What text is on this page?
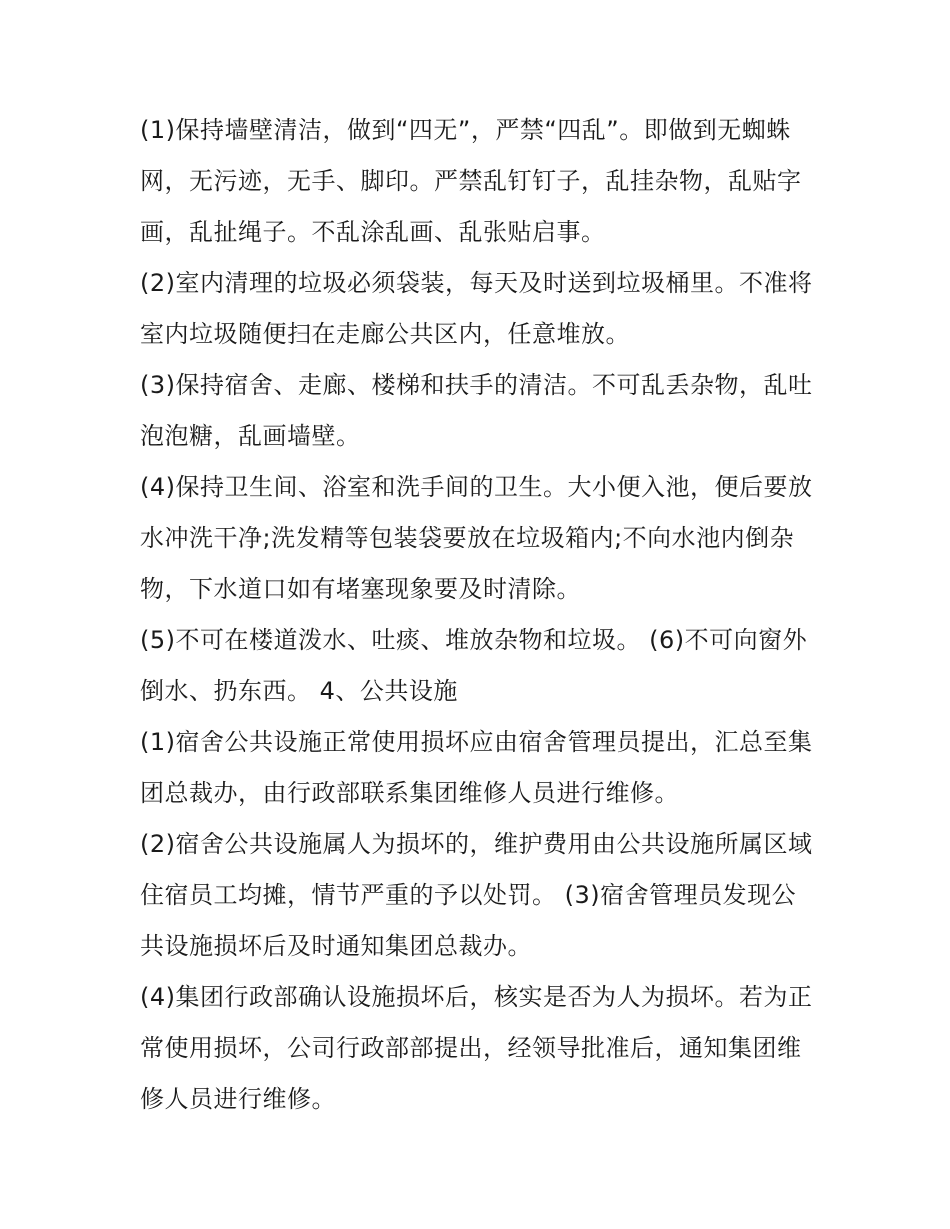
(1)保持墙壁清洁，做到“四无”，严禁“四乱”。即做到无蜘蛛网，无污迹，无手、脚印。严禁乱钉钉子，乱挂杂物，乱贴字画，乱扯绳子。不乱涂乱画、乱张贴启事。

(2)室内清理的垃圾必须袋装，每天及时送到垃圾桶里。不准将室内垃圾随便扫在走廊公共区内，任意堆放。

(3)保持宿舍、走廊、楼梯和扶手的清洁。不可乱丢杂物，乱吐泡泡糖，乱画墙壁。

(4)保持卫生间、浴室和洗手间的卫生。大小便入池，便后要放水冲洗干净;洗发精等包装袋要放在垃圾箱内;不向水池内倒杂物，下水道口如有堵塞现象要及时清除。

(5)不可在楼道泼水、吐痰、堆放杂物和垃圾。 (6)不可向窗外倒水、扔东西。 4、公共设施

(1)宿舍公共设施正常使用损坏应由宿舍管理员提出，汇总至集团总裁办，由行政部联系集团维修人员进行维修。

(2)宿舍公共设施属人为损坏的，维护费用由公共设施所属区域住宿员工均摊，情节严重的予以处罚。 (3)宿舍管理员发现公共设施损坏后及时通知集团总裁办。

(4)集团行政部确认设施损坏后，核实是否为人为损坏。若为正常使用损坏，公司行政部部提出，经领导批准后，通知集团维修人员进行维修。
